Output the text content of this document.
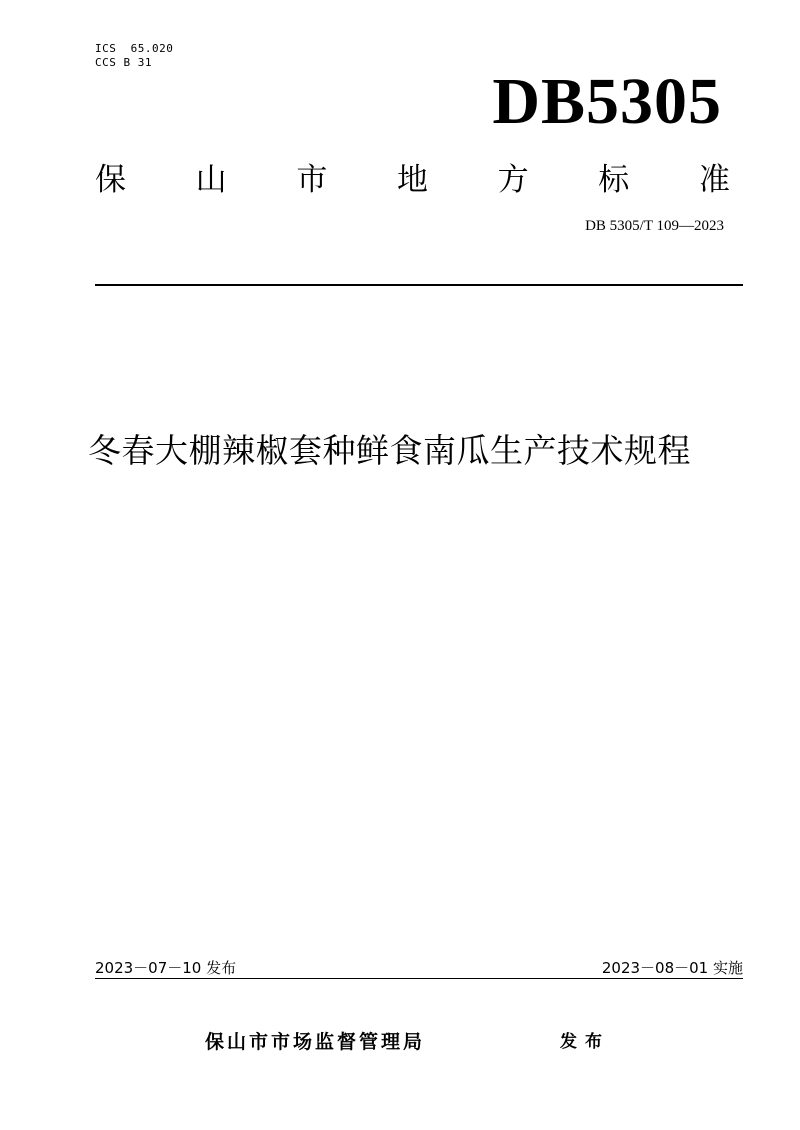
ICS  65.020
CCS B 31
DB5305
保 山 市 地 方 标 准
DB 5305/T 109—2023
冬春大棚辣椒套种鲜食南瓜生产技术规程
2023－07－10 发布	2023－08－01 实施
保山市市场监督管理局	发布
